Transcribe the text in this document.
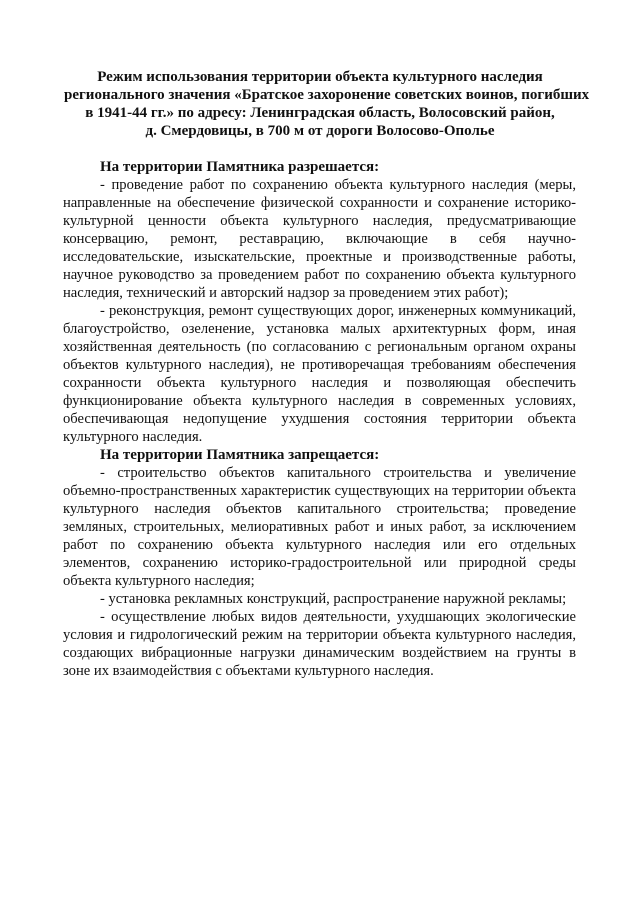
Режим использования территории объекта культурного наследия
регионального значения «Братское захоронение советских воинов, погибших
в 1941-44 гг.» по адресу: Ленинградская область, Волосовский район,
д. Смердовицы, в 700 м от дороги Волосово-Ополье
На территории Памятника разрешается:

- проведение работ по сохранению объекта культурного наследия (меры, направленные на обеспечение физической сохранности и сохранение историко-культурной ценности объекта культурного наследия, предусматривающие консервацию, ремонт, реставрацию, включающие в себя научно-исследовательские, изыскательские, проектные и производственные работы, научное руководство за проведением работ по сохранению объекта культурного наследия, технический и авторский надзор за проведением этих работ);

- реконструкция, ремонт существующих дорог, инженерных коммуникаций, благоустройство, озеленение, установка малых архитектурных форм, иная хозяйственная деятельность (по согласованию с региональным органом охраны объектов культурного наследия), не противоречащая требованиям обеспечения сохранности объекта культурного наследия и позволяющая обеспечить функционирование объекта культурного наследия в современных условиях, обеспечивающая недопущение ухудшения состояния территории объекта культурного наследия.

На территории Памятника запрещается:

- строительство объектов капитального строительства и увеличение объемно-пространственных характеристик существующих на территории объекта культурного наследия объектов капитального строительства; проведение земляных, строительных, мелиоративных работ и иных работ, за исключением работ по сохранению объекта культурного наследия или его отдельных элементов, сохранению историко-градостроительной или природной среды объекта культурного наследия;

- установка рекламных конструкций, распространение наружной рекламы;

- осуществление любых видов деятельности, ухудшающих экологические условия и гидрологический режим на территории объекта культурного наследия, создающих вибрационные нагрузки динамическим воздействием на грунты в зоне их взаимодействия с объектами культурного наследия.
